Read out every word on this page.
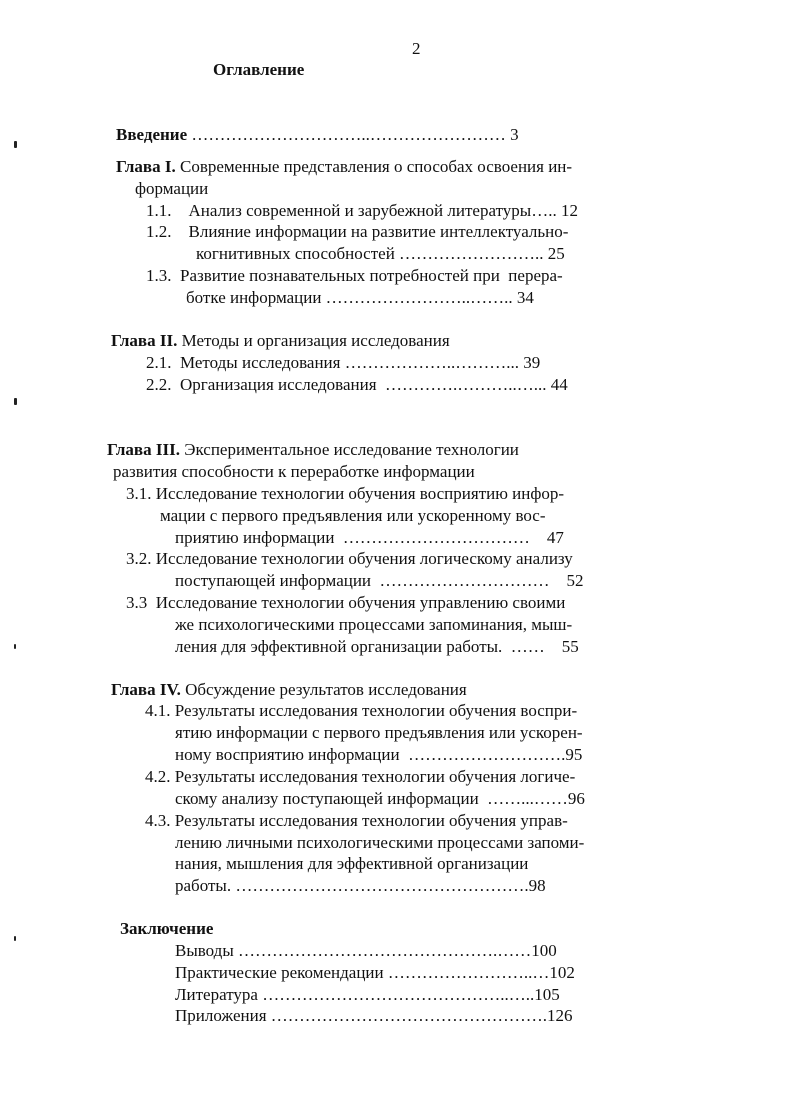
2
Оглавление
Введение …………………………..…………………… 3
Глава I. Современные представления о способах освоения ин-
формации
1.1.    Анализ современной и зарубежной литературы….. 12
1.2.    Влияние информации на развитие интеллектуально-
когнитивных способностей …………………….. 25
1.3.  Развитие познавательных потребностей при  перера-
ботке информации ……………………..…….. 34
Глава II. Методы и организация исследования
2.1.  Методы исследования ………………..………... 39
2.2.  Организация исследования  ………….………..…... 44
Глава III. Экспериментальное исследование технологии
развития способности к переработке информации
3.1. Исследование технологии обучения восприятию инфор-
мации с первого предъявления или ускоренному вос-
приятию информации  ……………………………    47
3.2. Исследование технологии обучения логическому анализу
поступающей информации  …………………………    52
3.3  Исследование технологии обучения управлению своими
же психологическими процессами запоминания, мыш-
ления для эффективной организации работы.  ……    55
Глава IV. Обсуждение результатов исследования
4.1. Результаты исследования технологии обучения воспри-
ятию информации с первого предъявления или ускорен-
ному восприятию информации  ……………………….95
4.2. Результаты исследования технологии обучения логиче-
скому анализу поступающей информации  ……...……96
4.3. Результаты исследования технологии обучения управ-
лению личными психологическими процессами запоми-
нания, мышления для эффективной организации
работы. …………………………………………….98
Заключение
Выводы ……………………………………….……100
Практические рекомендации ……………………..…102
Литература ……………………………………..…..105
Приложения ………………………………………….126
